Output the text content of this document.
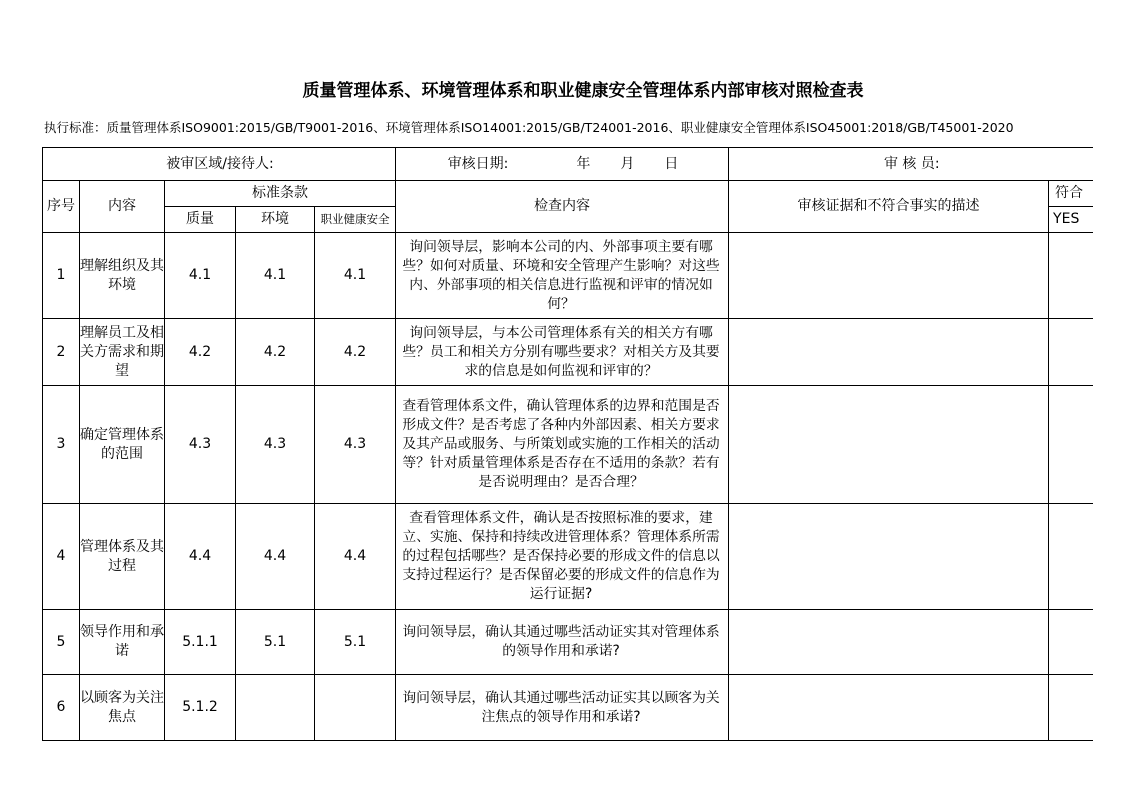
质量管理体系、环境管理体系和职业健康安全管理体系内部审核对照检查表
执行标准：质量管理体系ISO9001:2015/GB/T9001-2016、环境管理体系ISO14001:2015/GB/T24001-2016、职业健康安全管理体系ISO45001:2018/GB/T45001-2020
被审区域/接待人:					审核日期: 年 月 日	审 核 员:	
序号	内容	标准条款			检查内容	审核证据和不符合事实的描述	符合
		质量	环境	职业健康安全			YES
1	理解组织及其环境	4.1	4.1	4.1	询问领导层，影响本公司的内、外部事项主要有哪些？如何对质量、环境和安全管理产生影响？对这些内、外部事项的相关信息进行监视和评审的情况如何？		
2	理解员工及相关方需求和期望	4.2	4.2	4.2	询问领导层，与本公司管理体系有关的相关方有哪些？员工和相关方分别有哪些要求？对相关方及其要求的信息是如何监视和评审的？		
3	确定管理体系的范围	4.3	4.3	4.3	查看管理体系文件，确认管理体系的边界和范围是否形成文件？是否考虑了各种内外部因素、相关方要求及其产品或服务、与所策划或实施的工作相关的活动等？针对质量管理体系是否存在不适用的条款？若有是否说明理由？是否合理？		
4	管理体系及其过程	4.4	4.4	4.4	查看管理体系文件，确认是否按照标准的要求，建立、实施、保持和持续改进管理体系？管理体系所需的过程包括哪些？是否保持必要的形成文件的信息以支持过程运行？是否保留必要的形成文件的信息作为运行证据?		
5	领导作用和承诺	5.1.1	5.1	5.1	询问领导层，确认其通过哪些活动证实其对管理体系的领导作用和承诺?		
6	以顾客为关注焦点	5.1.2			询问领导层，确认其通过哪些活动证实其以顾客为关注焦点的领导作用和承诺?		
